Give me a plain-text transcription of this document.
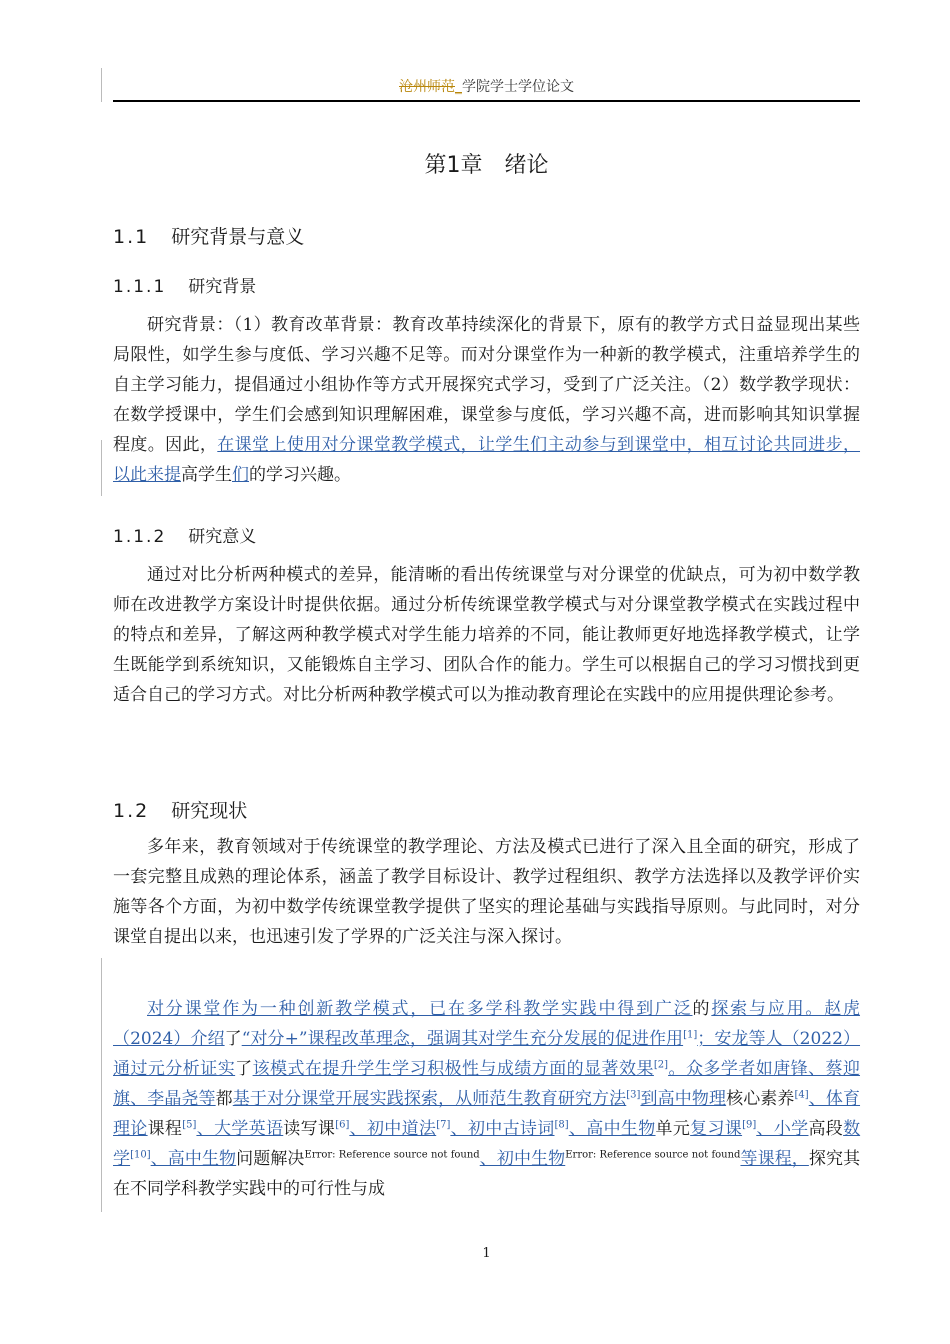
沧州师范_学院学士学位论文
第1章　绪论
1.1 研究背景与意义
1.1.1 研究背景

研究背景：（1）教育改革背景：教育改革持续深化的背景下，原有的教学方式日益显现出某些局限性，如学生参与度低、学习兴趣不足等。而对分课堂作为一种新的教学模式，注重培养学生的自主学习能力，提倡通过小组协作等方式开展探究式学习，受到了广泛关注。（2）数学教学现状：在数学授课中，学生们会感到知识理解困难，课堂参与度低，学习兴趣不高，进而影响其知识掌握程度。因此，在课堂上使用对分课堂教学模式，让学生们主动参与到课堂中，相互讨论共同进步，以此来提高学生们的学习兴趣。

1.1.2 研究意义

通过对比分析两种模式的差异，能清晰的看出传统课堂与对分课堂的优缺点，可为初中数学教师在改进教学方案设计时提供依据。通过分析传统课堂教学模式与对分课堂教学模式在实践过程中的特点和差异，了解这两种教学模式对学生能力培养的不同，能让教师更好地选择教学模式，让学生既能学到系统知识，又能锻炼自主学习、团队合作的能力。学生可以根据自己的学习习惯找到更适合自己的学习方式。对比分析两种教学模式可以为推动教育理论在实践中的应用提供理论参考。

1.2 研究现状

多年来，教育领域对于传统课堂的教学理论、方法及模式已进行了深入且全面的研究，形成了一套完整且成熟的理论体系，涵盖了教学目标设计、教学过程组织、教学方法选择以及教学评价实施等各个方面，为初中数学传统课堂教学提供了坚实的理论基础与实践指导原则。与此同时，对分课堂自提出以来，也迅速引发了学界的广泛关注与深入探讨。

对分课堂作为一种创新教学模式，已在多学科教学实践中得到广泛的探索与应用。赵虎（2024）介绍了“对分+”课程改革理念，强调其对学生充分发展的促进作用[1]；安龙等人（2022）通过元分析证实了该模式在提升学生学习积极性与成绩方面的显著效果[2]。众多学者如唐锋、蔡迎旗、李晶尧等都基于对分课堂开展实践探索，从师范生教育研究方法[3]到高中物理核心素养[4]、体育理论课程[5]、大学英语读写课[6]、初中道法[7]、初中古诗词[8]、高中生物单元复习课[9]、小学高段数学[10]、高中生物问题解决$^{Error: Reference source not found}$、初中生物$^{Error: Reference source not found}$等课程，探究其在不同学科教学实践中的可行性与成

1
